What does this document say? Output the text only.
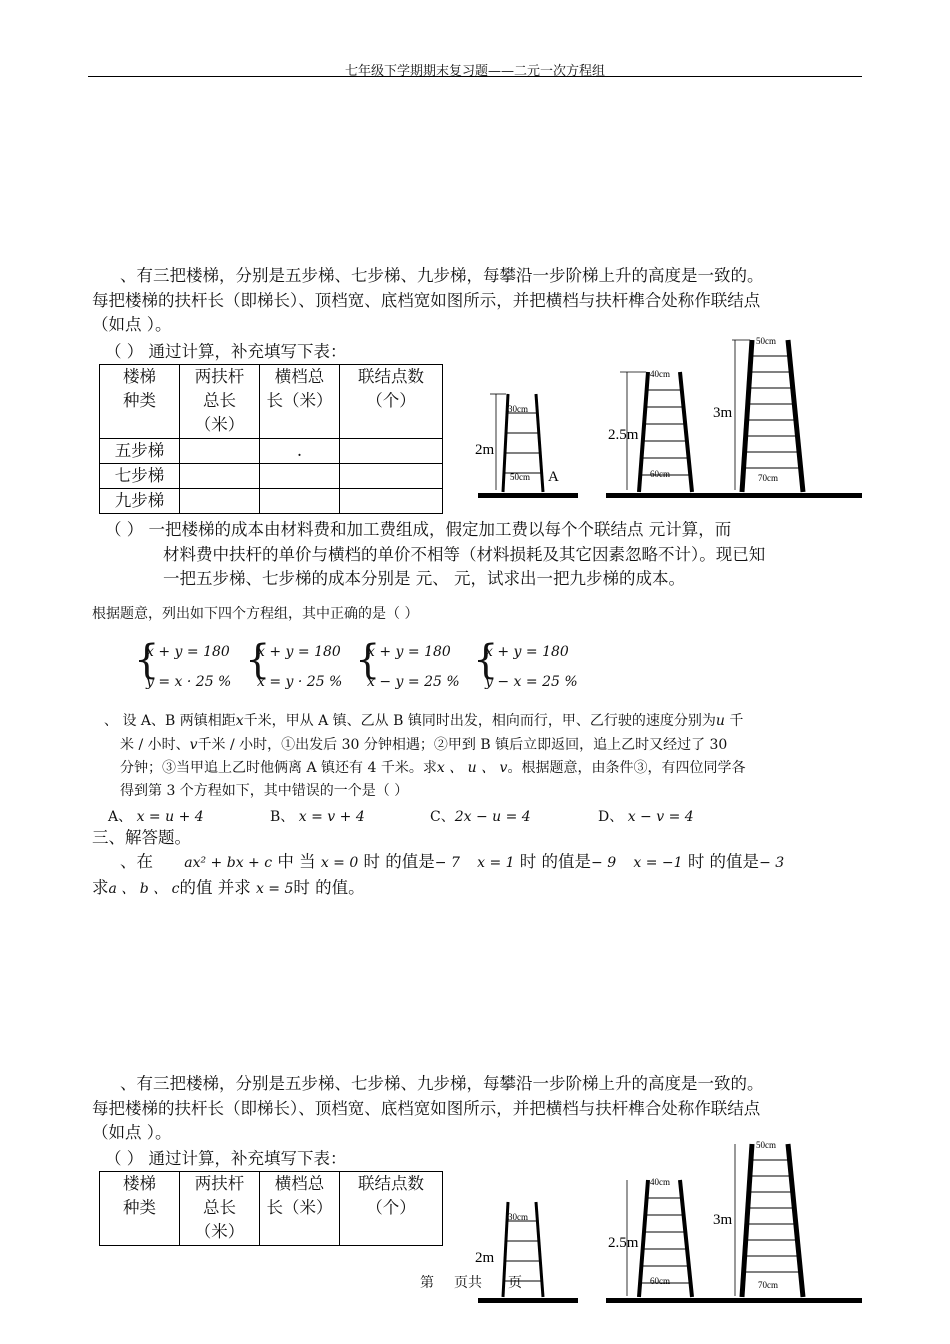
七年级下学期期末复习题——二元一次方程组
、有三把楼梯，分别是五步梯、七步梯、九步梯，每攀沿一步阶梯上升的高度是一致的。
每把楼梯的扶杆长（即梯长）、顶档宽、底档宽如图所示，并把横档与扶杆榫合处称作联结点
（如点 ）。
（ ） 通过计算，补充填写下表：
楼梯
种类	两扶杆
总长
（米）	横档总
长（米）	联结点数
（个）
五步梯		.	
七步梯			
九步梯			
30cm
2m
50cm A
40cm
2.5m
60cm
50cm
3m
70cm
（ ） 一把楼梯的成本由材料费和加工费组成，假定加工费以每个个联结点 元计算，而
材料费中扶杆的单价与横档的单价不相等（材料损耗及其它因素忽略不计）。现已知
一把五步梯、七步梯的成本分别是 元、 元，试求出一把九步梯的成本。
根据题意，列出如下四个方程组，其中正确的是（ ）
{
x + y = 180
y = x · 25 % {
x + y = 180
x = y · 25 % {
x + y = 180
x − y = 25 % {
x + y = 180
y − x = 25 %
、 设 A、B 两镇相距x千米，甲从 A 镇、乙从 B 镇同时出发，相向而行，甲、乙行驶的速度分别为u 千
米 / 小时、v千米 / 小时，①出发后 30 分钟相遇；②甲到 B 镇后立即返回，追上乙时又经过了 30
分钟；③当甲追上乙时他俩离 A 镇还有 4 千米。求x 、 u 、 v。根据题意，由条件③，有四位同学各
得到第 3 个方程如下，其中错误的一个是（ ）
A、 x = u + 4	B、 x = v + 4	C、2x − u = 4	D、 x − v = 4
三、解答题。
、在 ax² + bx + c 中 当 x = 0 时 的值是− 7 x = 1 时 的值是− 9 x = −1 时 的值是− 3
求a 、 b 、 c的值 并求 x = 5时 的值。
、有三把楼梯，分别是五步梯、七步梯、九步梯，每攀沿一步阶梯上升的高度是一致的。
每把楼梯的扶杆长（即梯长）、顶档宽、底档宽如图所示，并把横档与扶杆榫合处称作联结点
（如点 ）。
（ ） 通过计算，补充填写下表：
楼梯
种类	两扶杆
总长
（米）	横档总
长（米）	联结点数
（个）	30cm
2m
40cm
2.5m
60cm
50cm
3m
70cm
第 页共 页
